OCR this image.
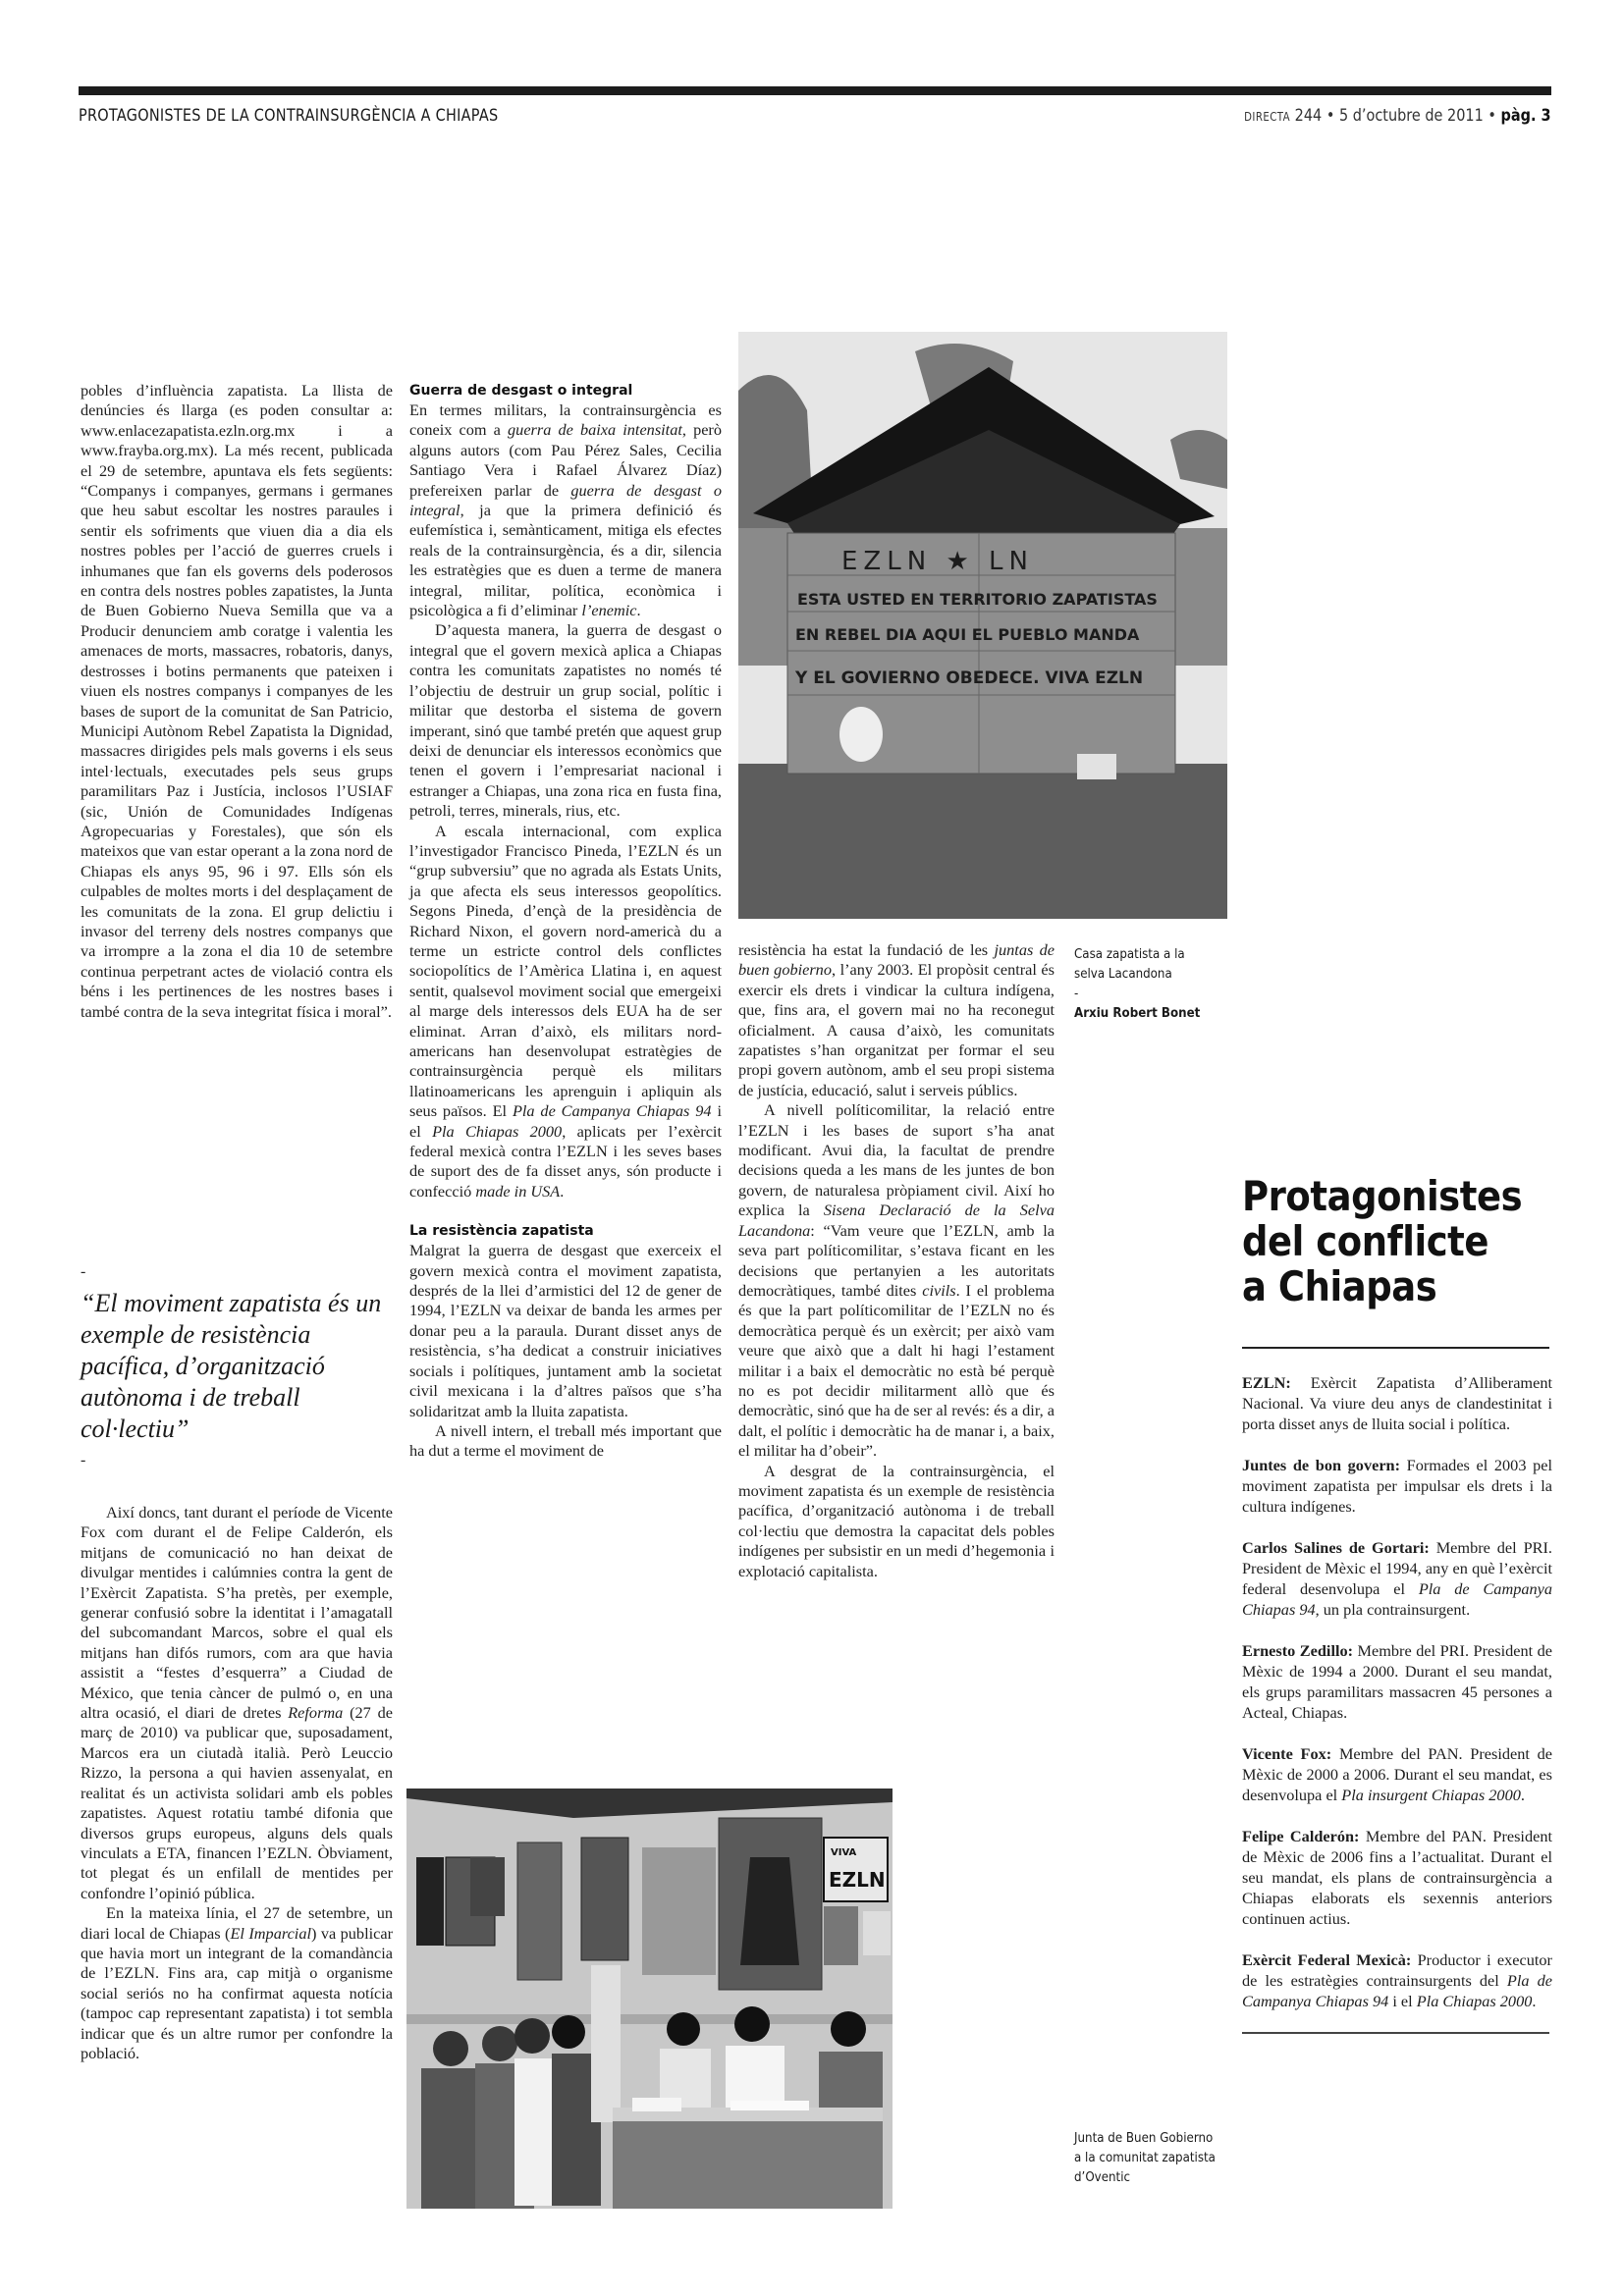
PROTAGONISTES DE LA CONTRAINSURGÈNCIA A CHIAPAS	DIRECTA 244 • 5 d’octubre de 2011 • pàg. 3

pobles d’influència zapatista. La llista de denúncies és llarga (es poden consultar a: www.enlacezapatista.ezln.org.mx i a www.frayba.org.mx). La més recent, publicada el 29 de setembre, apuntava els fets següents: “Companys i companyes, germans i germanes que heu sabut escoltar les nostres paraules i sentir els sofriments que viuen dia a dia els nostres pobles per l’acció de guerres cruels i inhumanes que fan els governs dels poderosos en contra dels nostres pobles zapatistes, la Junta de Buen Gobierno Nueva Semilla que va a Producir denunciem amb coratge i valentia les amenaces de morts, massacres, robatoris, danys, destrosses i botins permanents que pateixen i viuen els nostres companys i companyes de les bases de suport de la comunitat de San Patricio, Municipi Autònom Rebel Zapatista la Dignidad, massacres dirigides pels mals governs i els seus intel·lectuals, executades pels seus grups paramilitars Paz i Justícia, inclosos l’USIAF (sic, Unión de Comunidades Indígenas Agropecuarias y Forestales), que són els mateixos que van estar operant a la zona nord de Chiapas els anys 95, 96 i 97. Ells són els culpables de moltes morts i del desplaçament de les comunitats de la zona. El grup delictiu i invasor del terreny dels nostres companys que va irrompre a la zona el dia 10 de setembre continua perpetrant actes de violació contra els béns i les pertinences de les nostres bases i també contra de la seva integritat física i moral”.

-

“El moviment zapatista és un exemple de resistència pacífica, d’organització autònoma i de treball col·lectiu”

-

Així doncs, tant durant el període de Vicente Fox com durant el de Felipe Calderón, els mitjans de comunicació no han deixat de divulgar mentides i calúmnies contra la gent de l’Exèrcit Zapatista. S’ha pretès, per exemple, generar confusió sobre la identitat i l’amagatall del subcomandant Marcos, sobre el qual els mitjans han difós rumors, com ara que havia assistit a “festes d’esquerra” a Ciudad de México, que tenia càncer de pulmó o, en una altra ocasió, el diari de dretes Reforma (27 de març de 2010) va publicar que, suposadament, Marcos era un ciutadà italià. Però Leuccio Rizzo, la persona a qui havien assenyalat, en realitat és un activista solidari amb els pobles zapatistes. Aquest rotatiu també difonia que diversos grups europeus, alguns dels quals vinculats a ETA, financen l’EZLN. Òbviament, tot plegat és un enfilall de mentides per confondre l’opinió pública.

En la mateixa línia, el 27 de setembre, un diari local de Chiapas (El Imparcial) va publicar que havia mort un integrant de la comandància de l’EZLN. Fins ara, cap mitjà o organisme social seriós no ha confirmat aquesta notícia (tampoc cap representant zapatista) i tot sembla indicar que és un altre rumor per confondre la població.

Guerra de desgast o integral

En termes militars, la contrainsurgència es coneix com a guerra de baixa intensitat, però alguns autors (com Pau Pérez Sales, Cecilia Santiago Vera i Rafael Álvarez Díaz) prefereixen parlar de guerra de desgast o integral, ja que la primera definició és eufemística i, semànticament, mitiga els efectes reals de la contrainsurgència, és a dir, silencia les estratègies que es duen a terme de manera integral, militar, política, econòmica i psicològica a fi d’eliminar l’enemic.

D’aquesta manera, la guerra de desgast o integral que el govern mexicà aplica a Chiapas contra les comunitats zapatistes no només té l’objectiu de destruir un grup social, polític i militar que destorba el sistema de govern imperant, sinó que també pretén que aquest grup deixi de denunciar els interessos econòmics que tenen el govern i l’empresariat nacional i estranger a Chiapas, una zona rica en fusta fina, petroli, terres, minerals, rius, etc.

A escala internacional, com explica l’investigador Francisco Pineda, l’EZLN és un “grup subversiu” que no agrada als Estats Units, ja que afecta els seus interessos geopolítics. Segons Pineda, d’ençà de la presidència de Richard Nixon, el govern nord-americà du a terme un estricte control dels conflictes sociopolítics de l’Amèrica Llatina i, en aquest sentit, qualsevol moviment social que emergeixi al marge dels interessos dels EUA ha de ser eliminat. Arran d’això, els militars nord-americans han desenvolupat estratègies de contrainsurgència perquè els militars llatinoamericans les aprenguin i apliquin als seus països. El Pla de Campanya Chiapas 94 i el Pla Chiapas 2000, aplicats per l’exèrcit federal mexicà contra l’EZLN i les seves bases de suport des de fa disset anys, són producte i confecció made in USA.

La resistència zapatista

Malgrat la guerra de desgast que exerceix el govern mexicà contra el moviment zapatista, després de la llei d’armistici del 12 de gener de 1994, l’EZLN va deixar de banda les armes per donar peu a la paraula. Durant disset anys de resistència, s’ha dedicat a construir iniciatives socials i polítiques, juntament amb la societat civil mexicana i la d’altres països que s’ha solidaritzat amb la lluita zapatista.

A nivell intern, el treball més important que ha dut a terme el moviment de

EZLN ★ LN
ESTA USTED EN TERRITORIO ZAPATISTAS
EN REBEL DIA AQUI EL PUEBLO MANDA
Y EL GOVIERNO OBEDECE. VIVA EZLN
Casa zapatista a la selva Lacandona
-
Arxiu Robert Bonet

resistència ha estat la fundació de les juntas de buen gobierno, l’any 2003. El propòsit central és exercir els drets i vindicar la cultura indígena, que, fins ara, el govern mai no ha reconegut oficialment. A causa d’això, les comunitats zapatistes s’han organitzat per formar el seu propi govern autònom, amb el seu propi sistema de justícia, educació, salut i serveis públics.

A nivell políticomilitar, la relació entre l’EZLN i les bases de suport s’ha anat modificant. Avui dia, la facultat de prendre decisions queda a les mans de les juntes de bon govern, de naturalesa pròpiament civil. Així ho explica la Sisena Declaració de la Selva Lacandona: “Vam veure que l’EZLN, amb la seva part políticomilitar, s’estava ficant en les decisions que pertanyien a les autoritats democràtiques, també dites civils. I el problema és que la part políticomilitar de l’EZLN no és democràtica perquè és un exèrcit; per això vam veure que això que a dalt hi hagi l’estament militar i a baix el democràtic no està bé perquè no es pot decidir militarment allò que és democràtic, sinó que ha de ser al revés: és a dir, a dalt, el polític i democràtic ha de manar i, a baix, el militar ha d’obeir”.

A desgrat de la contrainsurgència, el moviment zapatista és un exemple de resistència pacífica, d’organització autònoma i de treball col·lectiu que demostra la capacitat dels pobles indígenes per subsistir en un medi d’hegemonia i explotació capitalista.

VIVA
EZLN
Junta de Buen Gobierno a la comunitat zapatista d’Oventic
Protagonistes del conflicte a Chiapas

EZLN: Exèrcit Zapatista d’Alliberament Nacional. Va viure deu anys de clandestinitat i porta disset anys de lluita social i política.

Juntes de bon govern: Formades el 2003 pel moviment zapatista per impulsar els drets i la cultura indígenes.

Carlos Salines de Gortari: Membre del PRI. President de Mèxic el 1994, any en què l’exèrcit federal desenvolupa el Pla de Campanya Chiapas 94, un pla contrainsurgent.

Ernesto Zedillo: Membre del PRI. President de Mèxic de 1994 a 2000. Durant el seu mandat, els grups paramilitars massacren 45 persones a Acteal, Chiapas.

Vicente Fox: Membre del PAN. President de Mèxic de 2000 a 2006. Durant el seu mandat, es desenvolupa el Pla insurgent Chiapas 2000.

Felipe Calderón: Membre del PAN. President de Mèxic de 2006 fins a l’actualitat. Durant el seu mandat, els plans de contrainsurgència a Chiapas elaborats els sexennis anteriors continuen actius.

Exèrcit Federal Mexicà: Productor i executor de les estratègies contrainsurgents del Pla de Campanya Chiapas 94 i el Pla Chiapas 2000.
